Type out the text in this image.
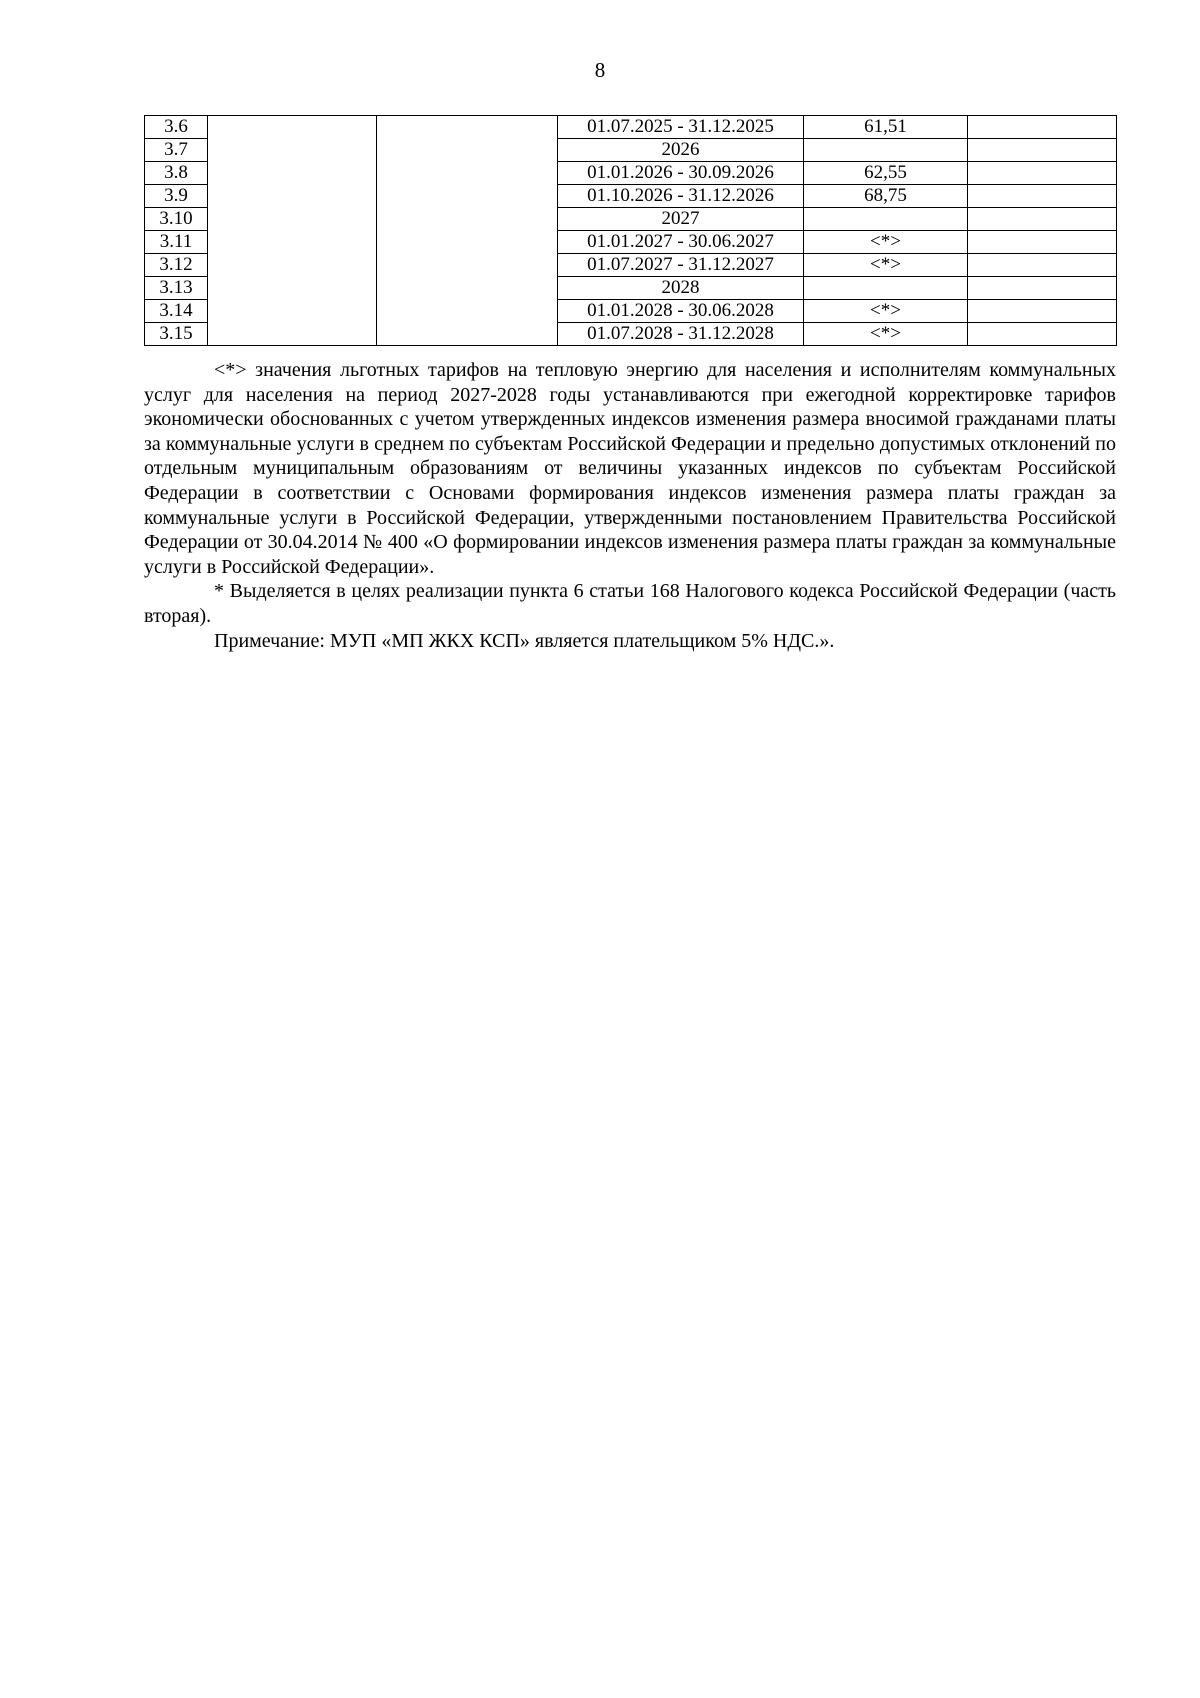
8
3.6			01.07.2025 - 31.12.2025	61,51	
3.7			2026		
3.8			01.01.2026 - 30.09.2026	62,55	
3.9			01.10.2026 - 31.12.2026	68,75	
3.10			2027		
3.11			01.01.2027 - 30.06.2027	<*>	
3.12			01.07.2027 - 31.12.2027	<*>	
3.13			2028		
3.14			01.01.2028 - 30.06.2028	<*>	
3.15			01.07.2028 - 31.12.2028	<*>	

<*> значения льготных тарифов на тепловую энергию для населения и исполнителям коммунальных услуг для населения на период 2027-2028 годы устанавливаются при ежегодной корректировке тарифов экономически обоснованных с учетом утвержденных индексов изменения размера вносимой гражданами платы за коммунальные услуги в среднем по субъектам Российской Федерации и предельно допустимых отклонений по отдельным муниципальным образованиям от величины указанных индексов по субъектам Российской Федерации в соответствии с Основами формирования индексов изменения размера платы граждан за коммунальные услуги в Российской Федерации, утвержденными постановлением Правительства Российской Федерации от 30.04.2014 № 400 «О формировании индексов изменения размера платы граждан за коммунальные услуги в Российской Федерации».

* Выделяется в целях реализации пункта 6 статьи 168 Налогового кодекса Российской Федерации (часть вторая).

Примечание: МУП «МП ЖКХ КСП» является плательщиком 5% НДС.».
